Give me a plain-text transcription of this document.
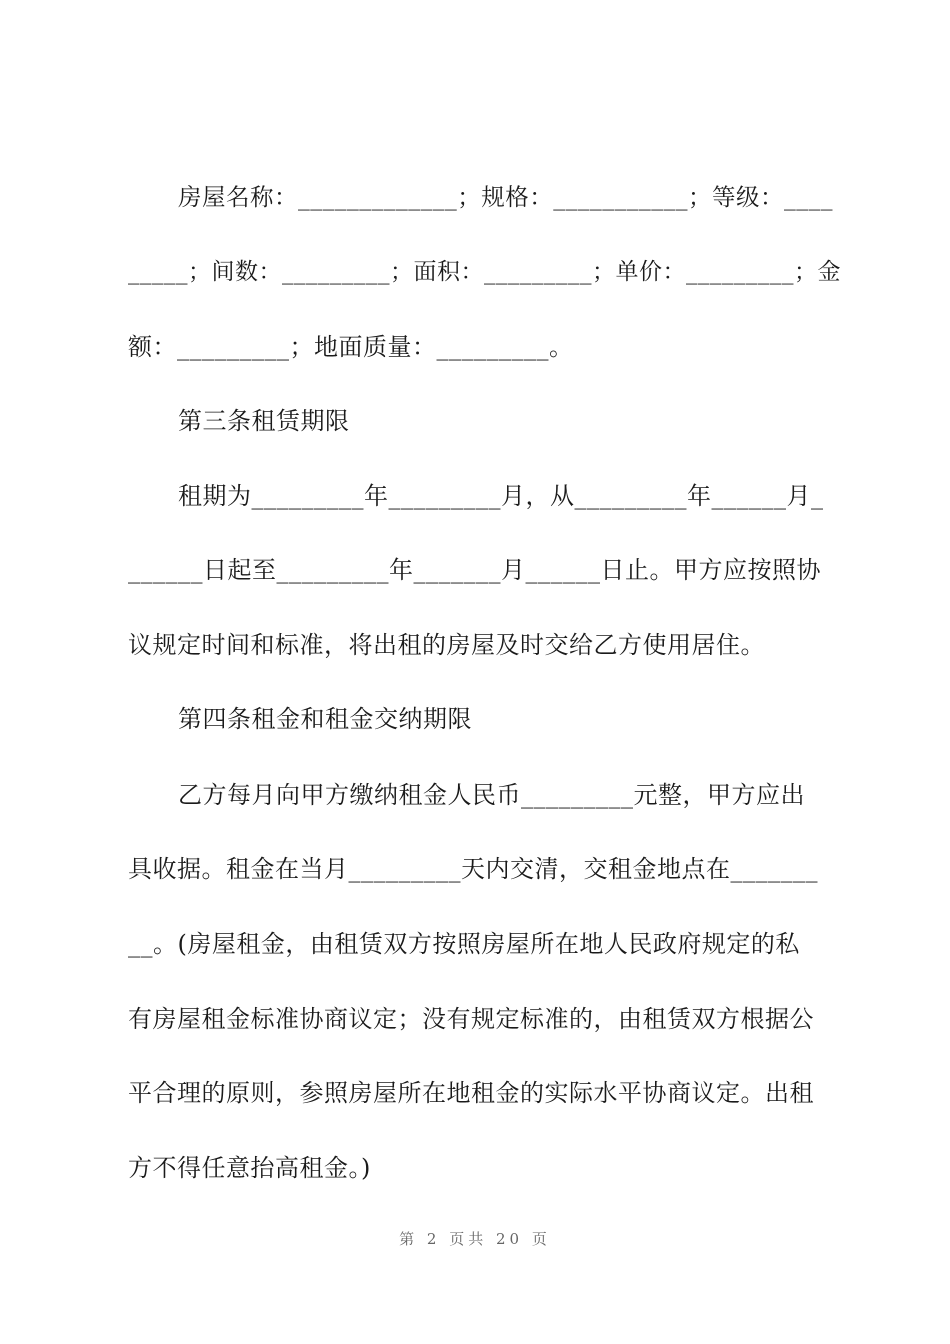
房屋名称：_____________；规格：___________；等级：____
_____；间数：_________；面积：_________；单价：_________；金
额：_________；地面质量：_________。
第三条租赁期限
租期为_________年_________月，从_________年______月_
______日起至_________年_______月______日止。甲方应按照协
议规定时间和标准，将出租的房屋及时交给乙方使用居住。
第四条租金和租金交纳期限
乙方每月向甲方缴纳租金人民币_________元整，甲方应出
具收据。租金在当月_________天内交清，交租金地点在_______
__。(房屋租金，由租赁双方按照房屋所在地人民政府规定的私
有房屋租金标准协商议定；没有规定标准的，由租赁双方根据公
平合理的原则，参照房屋所在地租金的实际水平协商议定。出租
方不得任意抬高租金。)
第 2 页共 20 页
